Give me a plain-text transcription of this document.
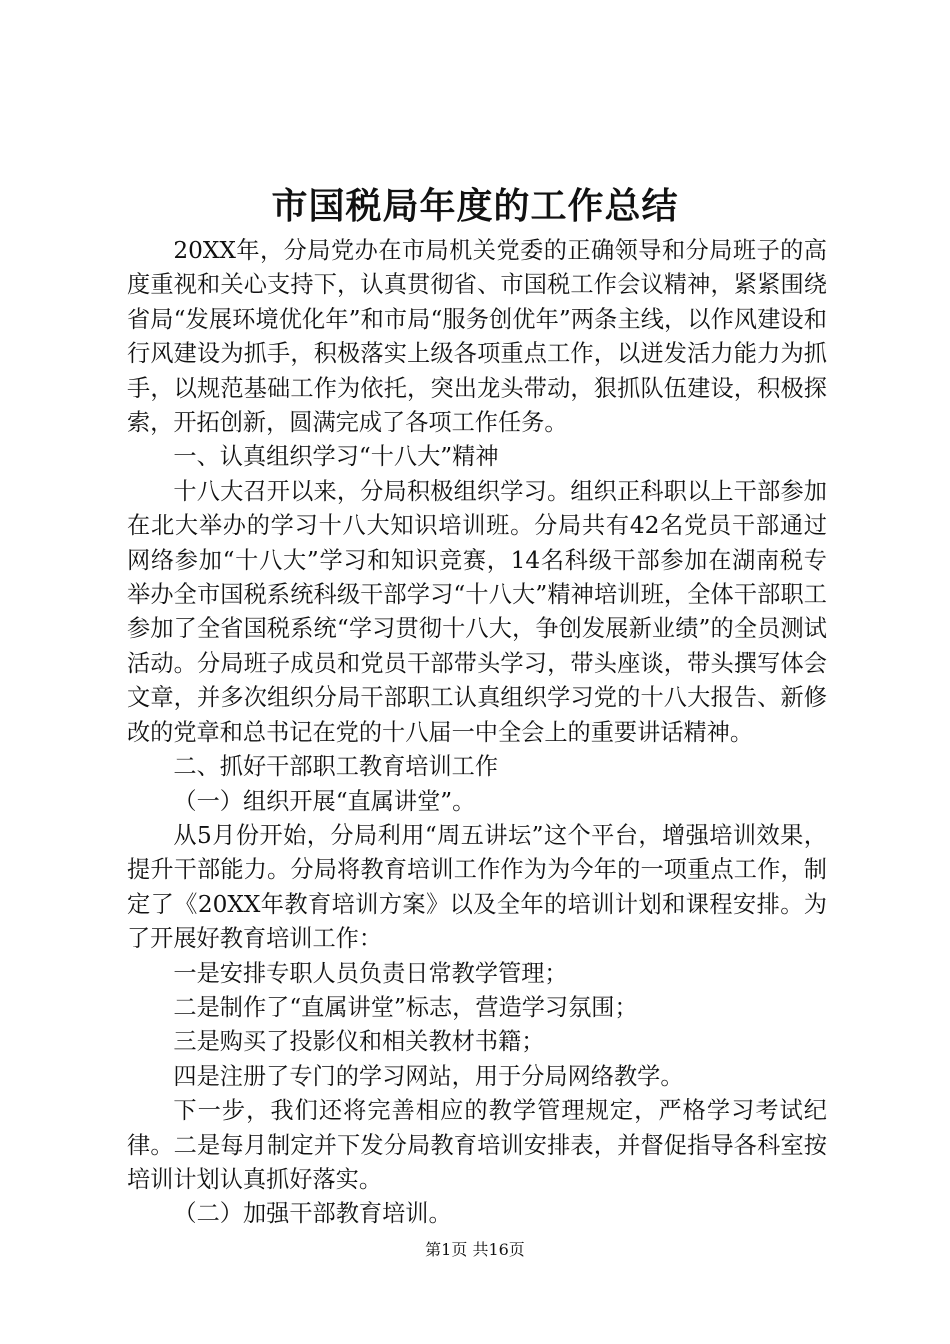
市国税局年度的工作总结

20XX年，分局党办在市局机关党委的正确领导和分局班子的高度重视和关心支持下，认真贯彻省、市国税工作会议精神，紧紧围绕省局“发展环境优化年”和市局“服务创优年”两条主线，以作风建设和行风建设为抓手，积极落实上级各项重点工作，以迸发活力能力为抓手，以规范基础工作为依托，突出龙头带动，狠抓队伍建设，积极探索，开拓创新，圆满完成了各项工作任务。

一、认真组织学习“十八大”精神

十八大召开以来，分局积极组织学习。组织正科职以上干部参加在北大举办的学习十八大知识培训班。分局共有42名党员干部通过网络参加“十八大”学习和知识竞赛，14名科级干部参加在湖南税专举办全市国税系统科级干部学习“十八大”精神培训班，全体干部职工参加了全省国税系统“学习贯彻十八大，争创发展新业绩”的全员测试活动。分局班子成员和党员干部带头学习，带头座谈，带头撰写体会文章，并多次组织分局干部职工认真组织学习党的十八大报告、新修改的党章和总书记在党的十八届一中全会上的重要讲话精神。

二、抓好干部职工教育培训工作

（一）组织开展“直属讲堂”。

从5月份开始，分局利用“周五讲坛”这个平台，增强培训效果，提升干部能力。分局将教育培训工作作为为今年的一项重点工作，制定了《20XX年教育培训方案》以及全年的培训计划和课程安排。为了开展好教育培训工作：

一是安排专职人员负责日常教学管理；

二是制作了“直属讲堂”标志，营造学习氛围；

三是购买了投影仪和相关教材书籍；

四是注册了专门的学习网站，用于分局网络教学。

下一步，我们还将完善相应的教学管理规定，严格学习考试纪律。二是每月制定并下发分局教育培训安排表，并督促指导各科室按培训计划认真抓好落实。

（二）加强干部教育培训。

第1页 共16页
